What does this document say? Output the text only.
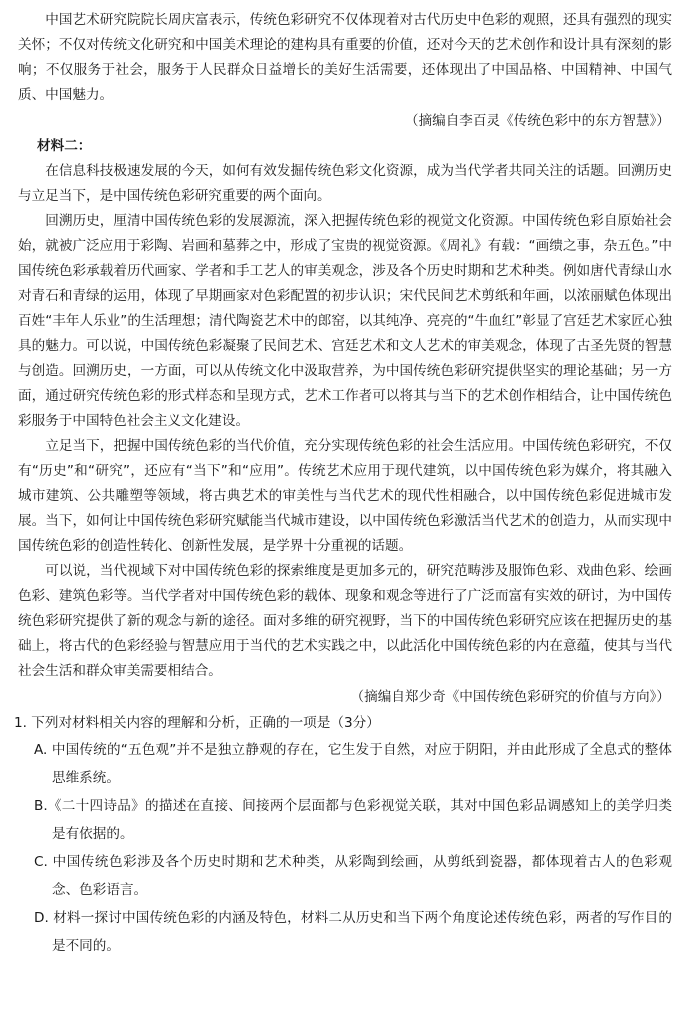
中国艺术研究院院长周庆富表示，传统色彩研究不仅体现着对古代历史中色彩的观照，还具有强烈的现实关怀；不仅对传统文化研究和中国美术理论的建构具有重要的价值，还对今天的艺术创作和设计具有深刻的影响；不仅服务于社会，服务于人民群众日益增长的美好生活需要，还体现出了中国品格、中国精神、中国气质、中国魅力。

（摘编自李百灵《传统色彩中的东方智慧》）

材料二：

在信息科技极速发展的今天，如何有效发掘传统色彩文化资源，成为当代学者共同关注的话题。回溯历史与立足当下，是中国传统色彩研究重要的两个面向。

回溯历史，厘清中国传统色彩的发展源流，深入把握传统色彩的视觉文化资源。中国传统色彩自原始社会始，就被广泛应用于彩陶、岩画和墓葬之中，形成了宝贵的视觉资源。《周礼》有载：“画缋之事，杂五色。”中国传统色彩承载着历代画家、学者和手工艺人的审美观念，涉及各个历史时期和艺术种类。例如唐代青绿山水对青石和青绿的运用，体现了早期画家对色彩配置的初步认识；宋代民间艺术剪纸和年画，以浓丽赋色体现出百姓“丰年人乐业”的生活理想；清代陶瓷艺术中的郎窑，以其纯净、亮亮的“牛血红”彰显了宫廷艺术家匠心独具的魅力。可以说，中国传统色彩凝聚了民间艺术、宫廷艺术和文人艺术的审美观念，体现了古圣先贤的智慧与创造。回溯历史，一方面，可以从传统文化中汲取营养，为中国传统色彩研究提供坚实的理论基础；另一方面，通过研究传统色彩的形式样态和呈现方式，艺术工作者可以将其与当下的艺术创作相结合，让中国传统色彩服务于中国特色社会主义文化建设。

立足当下，把握中国传统色彩的当代价值，充分实现传统色彩的社会生活应用。中国传统色彩研究，不仅有“历史”和“研究”，还应有“当下”和“应用”。传统艺术应用于现代建筑，以中国传统色彩为媒介，将其融入城市建筑、公共雕塑等领域，将古典艺术的审美性与当代艺术的现代性相融合，以中国传统色彩促进城市发展。当下，如何让中国传统色彩研究赋能当代城市建设，以中国传统色彩激活当代艺术的创造力，从而实现中国传统色彩的创造性转化、创新性发展，是学界十分重视的话题。

可以说，当代视域下对中国传统色彩的探索维度是更加多元的，研究范畴涉及服饰色彩、戏曲色彩、绘画色彩、建筑色彩等。当代学者对中国传统色彩的载体、现象和观念等进行了广泛而富有实效的研讨，为中国传统色彩研究提供了新的观念与新的途径。面对多维的研究视野，当下的中国传统色彩研究应该在把握历史的基础上，将古代的色彩经验与智慧应用于当代的艺术实践之中，以此活化中国传统色彩的内在意蕴，使其与当代社会生活和群众审美需要相结合。

（摘编自郑少奇《中国传统色彩研究的价值与方向》）

1. 下列对材料相关内容的理解和分析，正确的一项是（3分）

A. 中国传统的“五色观”并不是独立静观的存在，它生发于自然，对应于阴阳，并由此形成了全息式的整体思维系统。

B.《二十四诗品》的描述在直接、间接两个层面都与色彩视觉关联，其对中国色彩品调感知上的美学归类是有依据的。

C. 中国传统色彩涉及各个历史时期和艺术种类，从彩陶到绘画，从剪纸到瓷器，都体现着古人的色彩观念、色彩语言。

D. 材料一探讨中国传统色彩的内涵及特色，材料二从历史和当下两个角度论述传统色彩，两者的写作目的是不同的。
